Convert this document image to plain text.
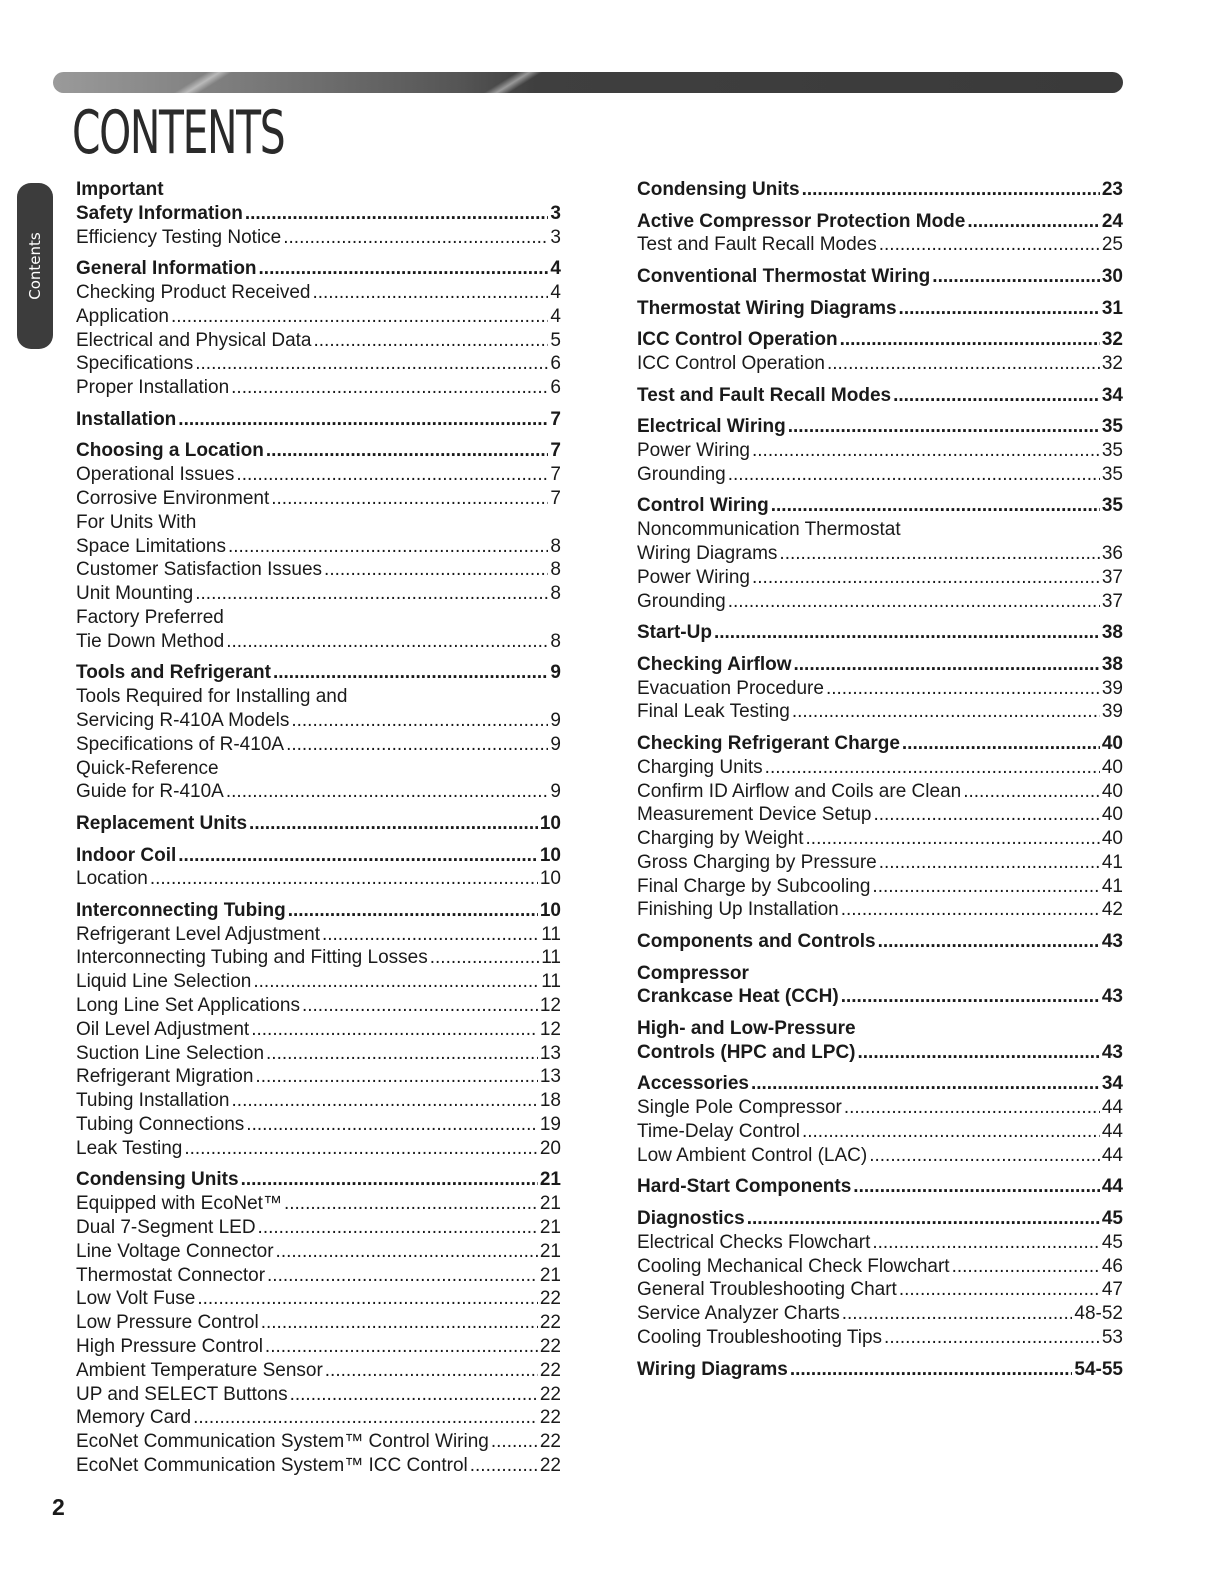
CONTENTS
Contents
Important
Safety Information .....	3
Efficiency Testing Notice .....	3
General Information .....	4
Checking Product Received .....	4
Application .....	4
Electrical and Physical Data .....	5
Specifications .....	6
Proper Installation .....	6
Installation .....	7
Choosing a Location .....	7
Operational Issues .....	7
Corrosive Environment .....	7
For Units With
Space Limitations .....	8
Customer Satisfaction Issues .....	8
Unit Mounting .....	8
Factory Preferred
Tie Down Method .....	8
Tools and Refrigerant .....	9
Tools Required for Installing and
Servicing R-410A Models .....	9
Specifications of R-410A .....	9
Quick-Reference
Guide for R-410A .....	9
Replacement Units .....	10
Indoor Coil .....	10
Location .....	10
Interconnecting Tubing .....	10
Refrigerant Level Adjustment .....	11
Interconnecting Tubing and Fitting Losses .....	11
Liquid Line Selection .....	11
Long Line Set Applications .....	12
Oil Level Adjustment .....	12
Suction Line Selection .....	13
Refrigerant Migration .....	13
Tubing Installation .....	18
Tubing Connections .....	19
Leak Testing .....	20
Condensing Units .....	21
Equipped with EcoNet™ .....	21
Dual 7-Segment LED .....	21
Line Voltage Connector .....	21
Thermostat Connector .....	21
Low Volt Fuse .....	22
Low Pressure Control .....	22
High Pressure Control .....	22
Ambient Temperature Sensor .....	22
UP and SELECT Buttons .....	22
Memory Card .....	22
EcoNet Communication System™ Control Wiring .....	22
EcoNet Communication System™ ICC Control .....	22
Condensing Units .....	23
Active Compressor Protection Mode .....	24
Test and Fault Recall Modes .....	25
Conventional Thermostat Wiring .....	30
Thermostat Wiring Diagrams .....	31
ICC Control Operation .....	32
ICC Control Operation .....	32
Test and Fault Recall Modes .....	34
Electrical Wiring .....	35
Power Wiring .....	35
Grounding .....	35
Control Wiring .....	35
Noncommunication Thermostat
Wiring Diagrams .....	36
Power Wiring .....	37
Grounding .....	37
Start-Up .....	38
Checking Airflow .....	38
Evacuation Procedure .....	39
Final Leak Testing .....	39
Checking Refrigerant Charge .....	40
Charging Units .....	40
Confirm ID Airflow and Coils are Clean .....	40
Measurement Device Setup .....	40
Charging by Weight .....	40
Gross Charging by Pressure .....	41
Final Charge by Subcooling .....	41
Finishing Up Installation .....	42
Components and Controls .....	43
Compressor
Crankcase Heat (CCH) .....	43
High- and Low-Pressure
Controls (HPC and LPC) .....	43
Accessories .....	34
Single Pole Compressor .....	44
Time-Delay Control .....	44
Low Ambient Control (LAC) .....	44
Hard-Start Components .....	44
Diagnostics .....	45
Electrical Checks Flowchart .....	45
Cooling Mechanical Check Flowchart .....	46
General Troubleshooting Chart .....	47
Service Analyzer Charts .....	48-52
Cooling Troubleshooting Tips .....	53
Wiring Diagrams .....	54-55
2
